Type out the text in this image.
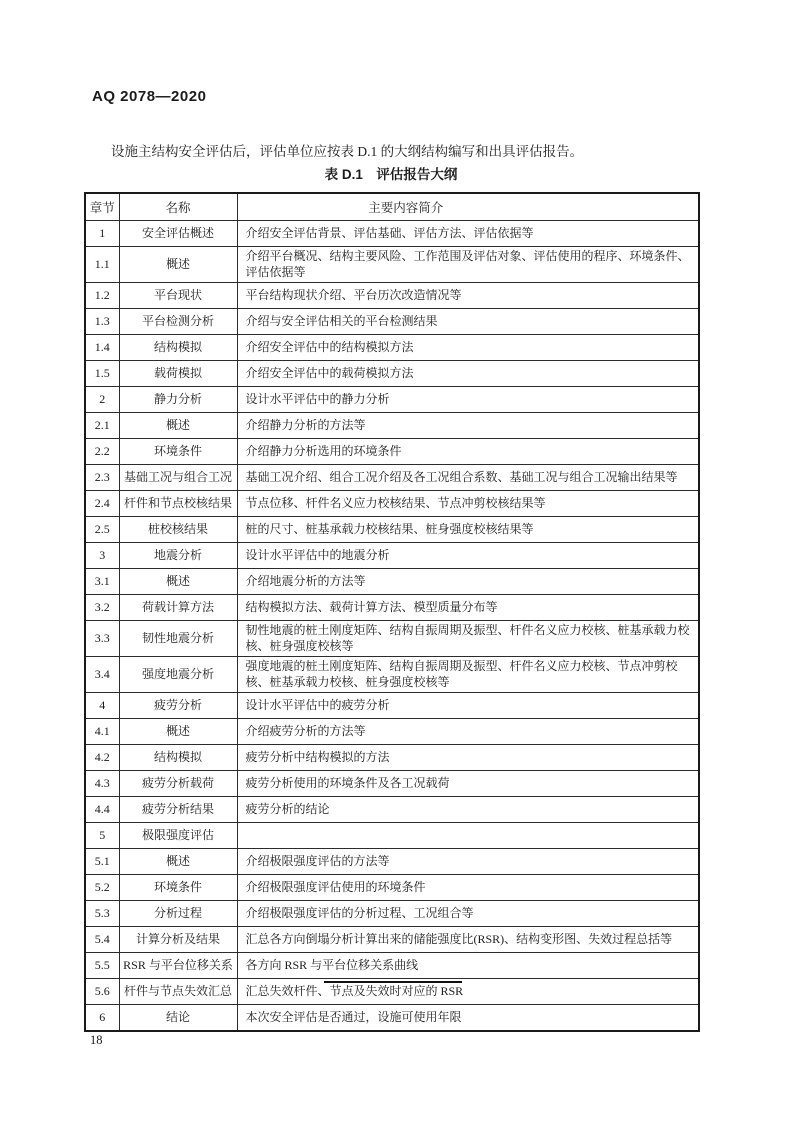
AQ 2078—2020

设施主结构安全评估后，评估单位应按表 D.1 的大纲结构编写和出具评估报告。

表 D.1　评估报告大纲
章节	名称	主要内容简介
1	安全评估概述	介绍安全评估背景、评估基础、评估方法、评估依据等
1.1	概述	介绍平台概况、结构主要风险、工作范围及评估对象、评估使用的程序、环境条件、评估依据等
1.2	平台现状	平台结构现状介绍、平台历次改造情况等
1.3	平台检测分析	介绍与安全评估相关的平台检测结果
1.4	结构模拟	介绍安全评估中的结构模拟方法
1.5	载荷模拟	介绍安全评估中的载荷模拟方法
2	静力分析	设计水平评估中的静力分析
2.1	概述	介绍静力分析的方法等
2.2	环境条件	介绍静力分析选用的环境条件
2.3	基础工况与组合工况	基础工况介绍、组合工况介绍及各工况组合系数、基础工况与组合工况输出结果等
2.4	杆件和节点校核结果	节点位移、杆件名义应力校核结果、节点冲剪校核结果等
2.5	桩校核结果	桩的尺寸、桩基承载力校核结果、桩身强度校核结果等
3	地震分析	设计水平评估中的地震分析
3.1	概述	介绍地震分析的方法等
3.2	荷载计算方法	结构模拟方法、载荷计算方法、模型质量分布等
3.3	韧性地震分析	韧性地震的桩土刚度矩阵、结构自振周期及振型、杆件名义应力校核、桩基承载力校核、桩身强度校核等
3.4	强度地震分析	强度地震的桩土刚度矩阵、结构自振周期及振型、杆件名义应力校核、节点冲剪校核、桩基承载力校核、桩身强度校核等
4	疲劳分析	设计水平评估中的疲劳分析
4.1	概述	介绍疲劳分析的方法等
4.2	结构模拟	疲劳分析中结构模拟的方法
4.3	疲劳分析载荷	疲劳分析使用的环境条件及各工况载荷
4.4	疲劳分析结果	疲劳分析的结论
5	极限强度评估	
5.1	概述	介绍极限强度评估的方法等
5.2	环境条件	介绍极限强度评估使用的环境条件
5.3	分析过程	介绍极限强度评估的分析过程、工况组合等
5.4	计算分析及结果	汇总各方向倒塌分析计算出来的储能强度比(RSR)、结构变形图、失效过程总括等
5.5	RSR 与平台位移关系	各方向 RSR 与平台位移关系曲线
5.6	杆件与节点失效汇总	汇总失效杆件、节点及失效时对应的 RSR
6	结论	本次安全评估是否通过，设施可使用年限
18
